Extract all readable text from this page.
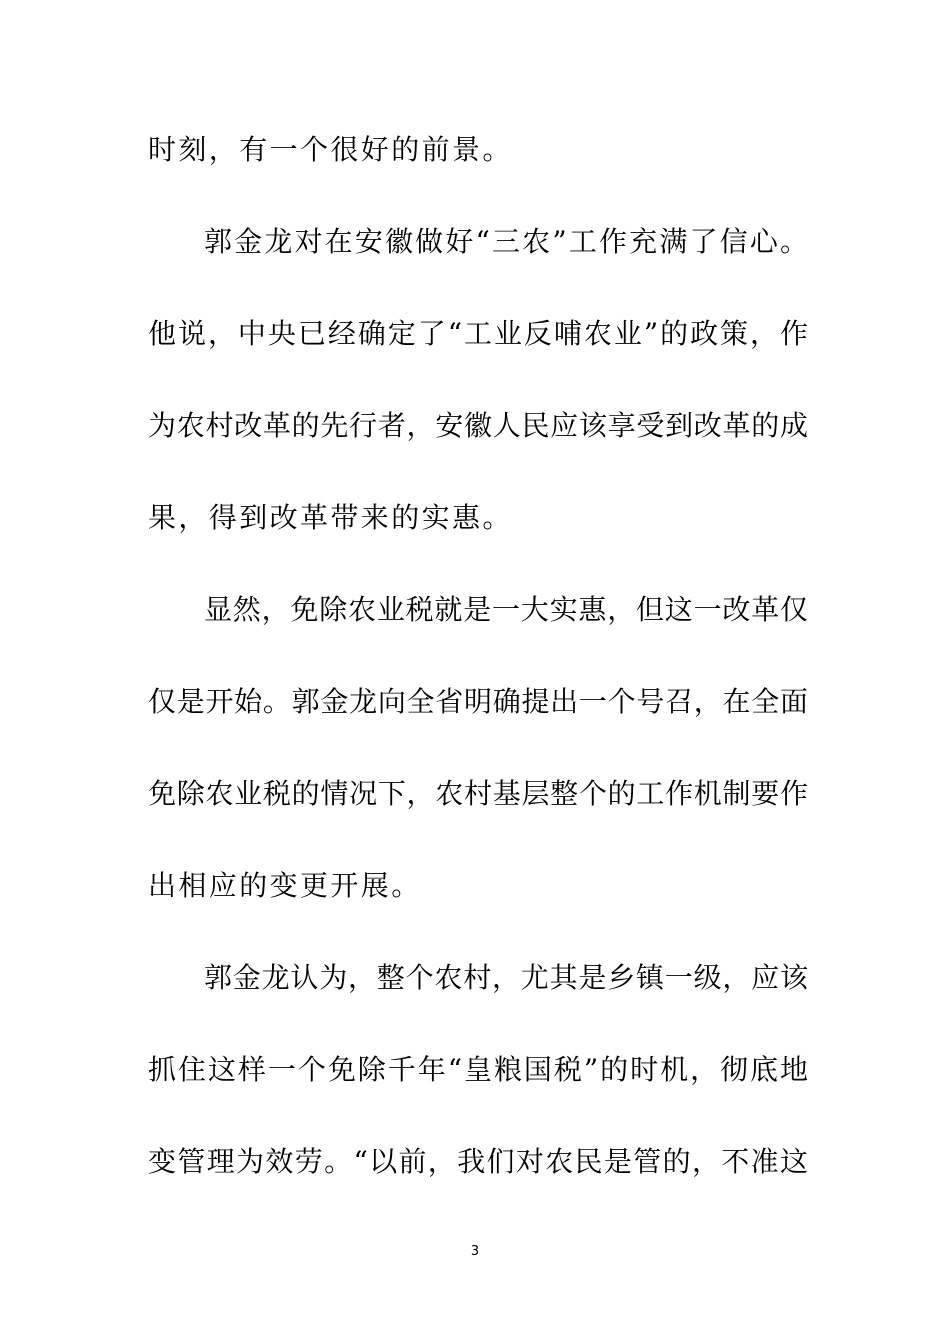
时刻，有一个很好的前景。
郭金龙对在安徽做好“三农”工作充满了信心。
他说，中央已经确定了“工业反哺农业”的政策，作
为农村改革的先行者，安徽人民应该享受到改革的成
果，得到改革带来的实惠。
显然，免除农业税就是一大实惠，但这一改革仅
仅是开始。郭金龙向全省明确提出一个号召，在全面
免除农业税的情况下，农村基层整个的工作机制要作
出相应的变更开展。
郭金龙认为，整个农村，尤其是乡镇一级，应该
抓住这样一个免除千年“皇粮国税”的时机，彻底地
变管理为效劳。“以前，我们对农民是管的，不准这
3
